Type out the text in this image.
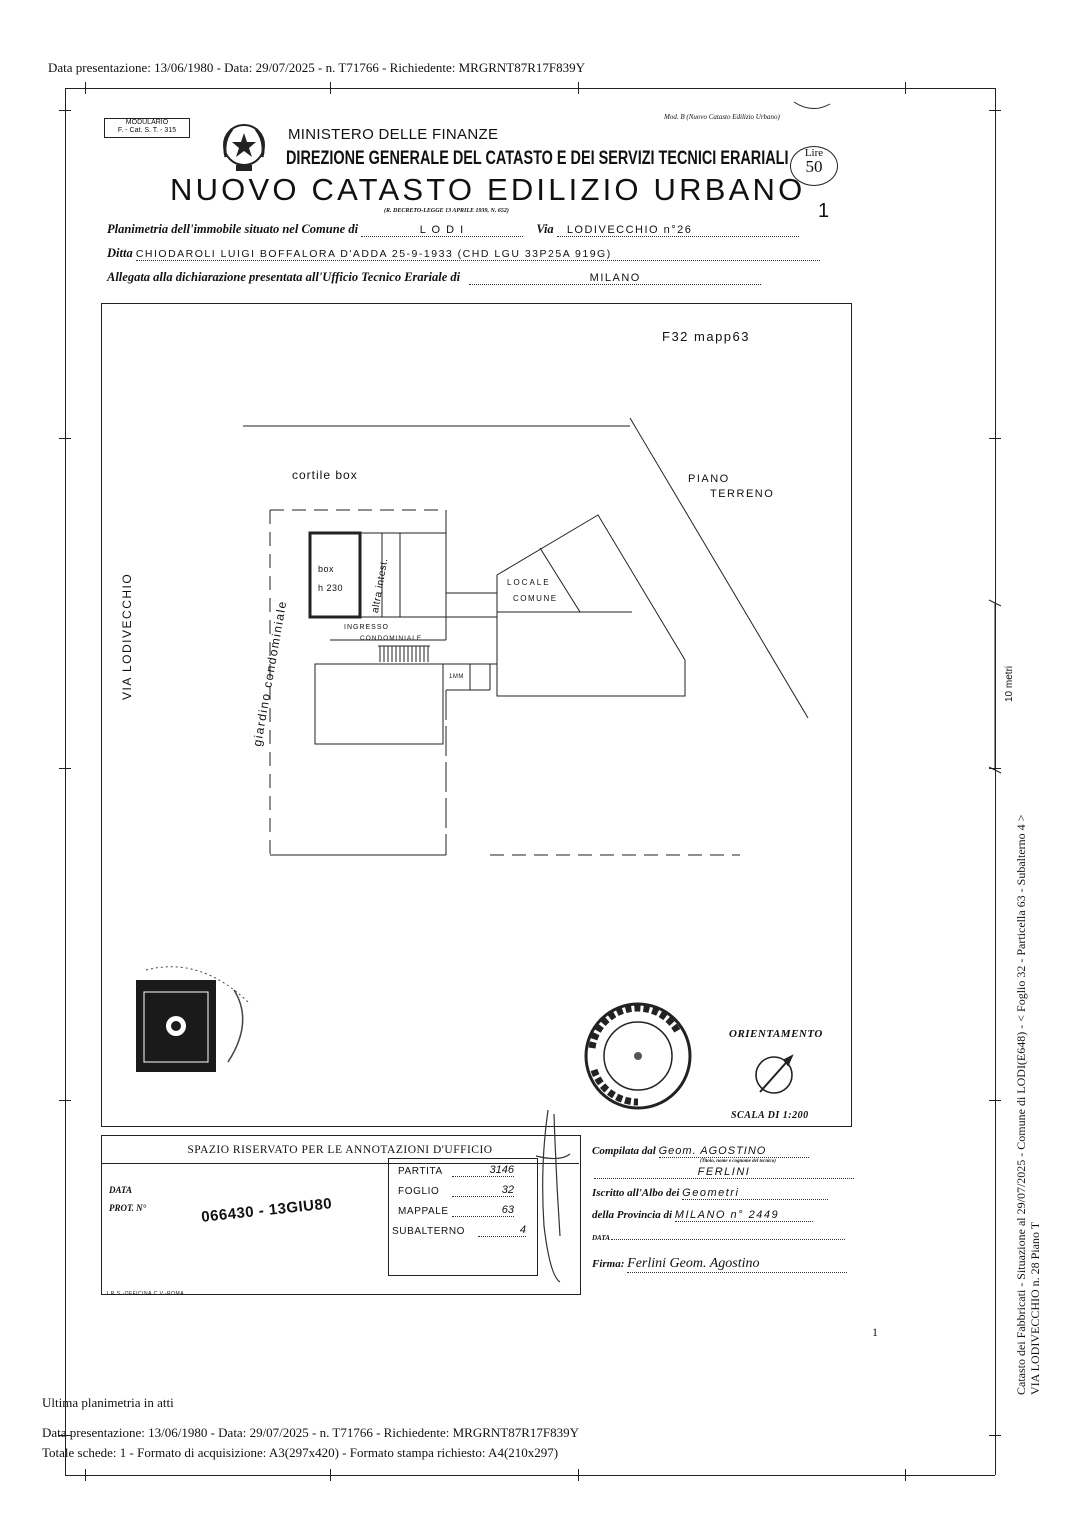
Data presentazione: 13/06/1980 - Data: 29/07/2025 - n. T71766 - Richiedente: MRGRNT87R17F839Y
MODULARIO
F. - Cat. S. T. - 315
Mod. B (Nuovo Catasto Edilizio Urbano)
MINISTERO DELLE FINANZE
DIREZIONE GENERALE DEL CATASTO E DEI SERVIZI TECNICI ERARIALI
NUOVO CATASTO EDILIZIO URBANO
(R. DECRETO-LEGGE 13 APRILE 1939, N. 652)
Lire
50
1
Planimetria dell'immobile situato nel Comune di	L O D I	Via LODIVECCHIO n°26
Ditta CHIODAROLI LUIGI BOFFALORA D'ADDA 25-9-1933 (CHD LGU 33P25A 919G)
Allegata alla dichiarazione presentata all'Ufficio Tecnico Erariale di	MILANO
F32 mapp63
cortile box	PIANO
TERRENO
VIA LODIVECCHIO	giardino condominiale
box
h 230	altra intest.	LOCALE
COMUNE
INGRESSO
CONDOMINIALE
1MM
ORIENTAMENTO
SCALA DI 1:200
SPAZIO RISERVATO PER LE ANNOTAZIONI D'UFFICIO
DATA
PROT. N°	066430 - 13GIU80
PARTITA	3146
FOGLIO	32
MAPPALE	63
SUBALTERNO	4
I.R.S.-OFFICINA C.V.-ROMA
Compilata dal Geom. AGOSTINO
(Titolo, nome e cognome del tecnico)
FERLINI
Iscritto all'Albo dei Geometri
della Provincia di MILANO n° 2449
DATA
Firma: Ferlini Geom. Agostino
1
Ultima planimetria in atti
Data presentazione: 13/06/1980 - Data: 29/07/2025 - n. T71766 - Richiedente: MRGRNT87R17F839Y
Totale schede: 1 - Formato di acquisizione: A3(297x420) - Formato stampa richiesto: A4(210x297)
Catasto dei Fabbricati - Situazione al 29/07/2025 - Comune di LODI(E648) - < Foglio 32 - Particella 63 - Subalterno 4 > VIA LODIVECCHIO n. 28 Piano T
10 metri
